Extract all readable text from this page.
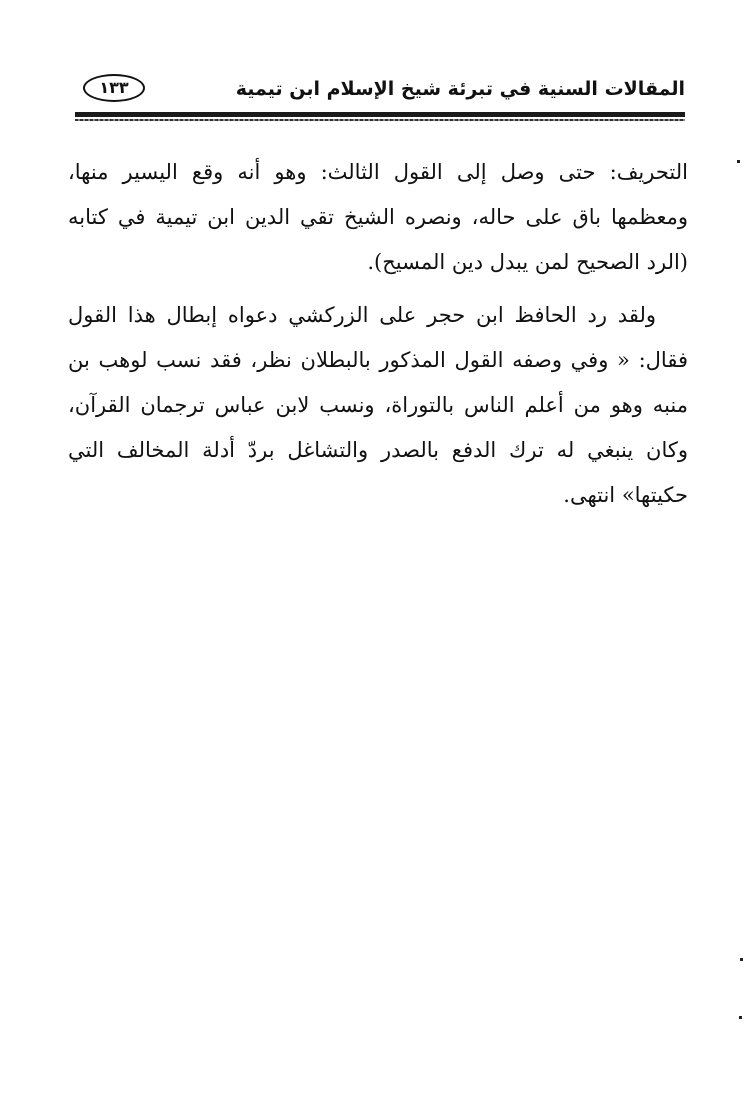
المقالات السنية في تبرئة شيخ الإسلام ابن تيمية
١٣٣

التحريف: حتى وصل إلى القول الثالث: وهو أنه وقع اليسير منها، ومعظمها باق على حاله، ونصره الشيخ تقي الدين ابن تيمية في كتابه (الرد الصحيح لمن يبدل دين المسيح).

ولقد رد الحافظ ابن حجر على الزركشي دعواه إبطال هذا القول فقال: « وفي وصفه القول المذكور بالبطلان نظر، فقد نسب لوهب بن منبه وهو من أعلم الناس بالتوراة، ونسب لابن عباس ترجمان القرآن، وكان ينبغي له ترك الدفع بالصدر والتشاغل بردّ أدلة المخالف التي حكيتها» انتهى.
